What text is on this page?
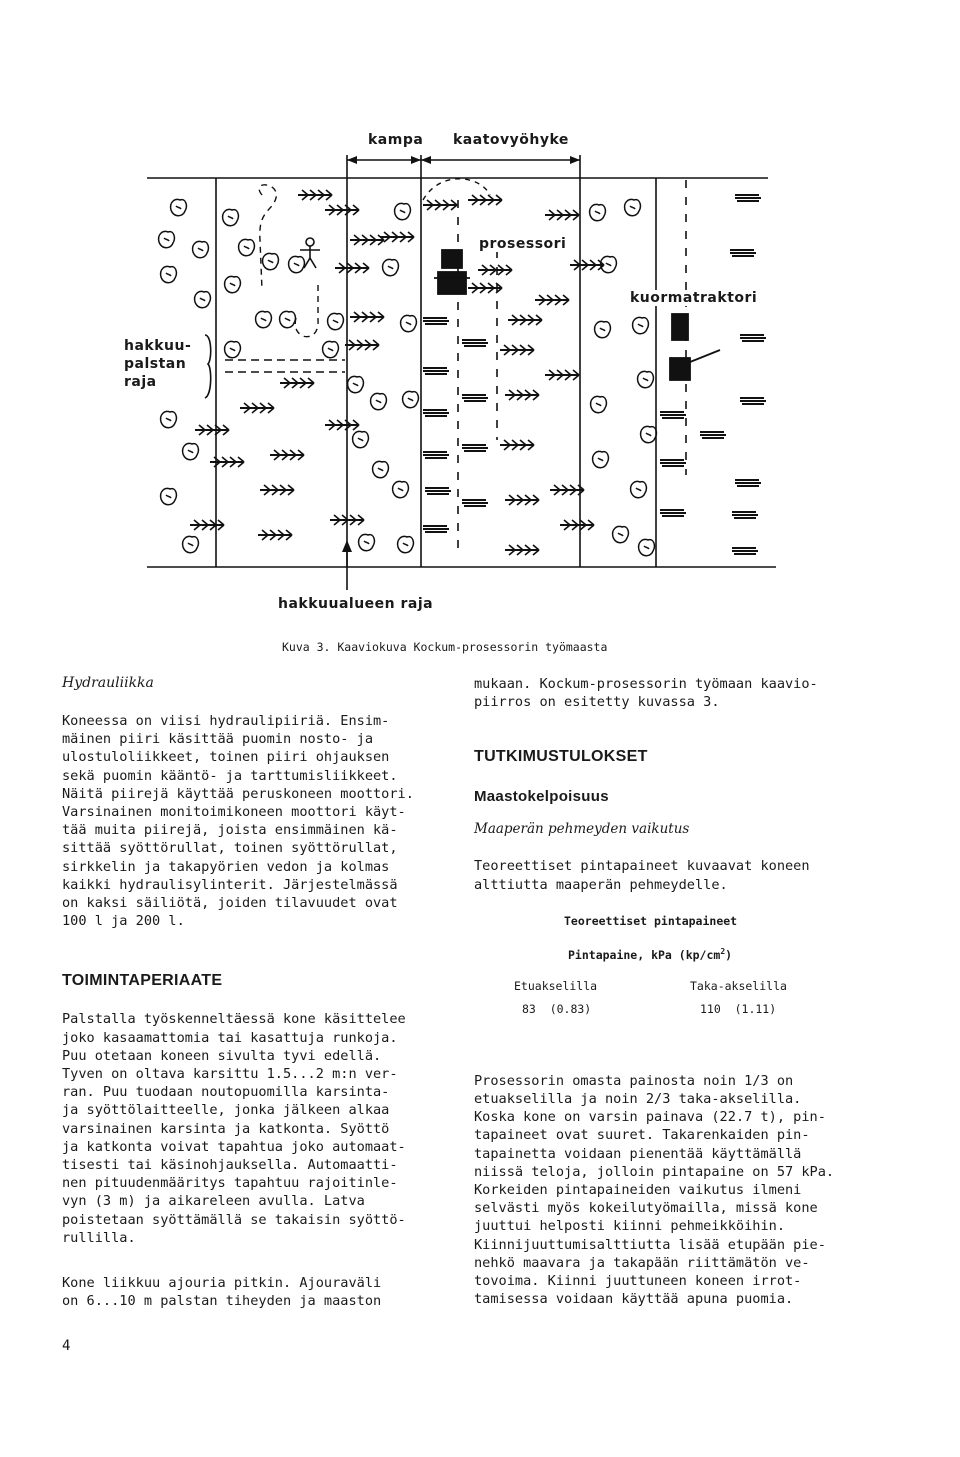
kampa kaatovyöhyke
prosessori
kuormatraktori
hakkuu-
palstan
raja
hakkuualueen raja
Kuva 3. Kaaviokuva Kockum-prosessorin työmaasta
Hydrauliikka
Koneessa on viisi hydraulipiiriä. Ensim-
mäinen piiri käsittää puomin nosto- ja
ulostuloliikkeet, toinen piiri ohjauksen
sekä puomin kääntö- ja tarttumisliikkeet.
Näitä piirejä käyttää peruskoneen moottori.
Varsinainen monitoimikoneen moottori käyt-
tää muita piirejä, joista ensimmäinen kä-
sittää syöttörullat, toinen syöttörullat,
sirkkelin ja takapyörien vedon ja kolmas
kaikki hydraulisylinterit. Järjestelmässä
on kaksi säiliötä, joiden tilavuudet ovat
100 l ja 200 l.
TOIMINTAPERIAATE
Palstalla työskenneltäessä kone käsittelee
joko kasaamattomia tai kasattuja runkoja.
Puu otetaan koneen sivulta tyvi edellä.
Tyven on oltava karsittu 1.5...2 m:n ver-
ran. Puu tuodaan noutopuomilla karsinta-
ja syöttölaitteelle, jonka jälkeen alkaa
varsinainen karsinta ja katkonta. Syöttö
ja katkonta voivat tapahtua joko automaat-
tisesti tai käsinohjauksella. Automaatti-
nen pituudenmääritys tapahtuu rajoitinle-
vyn (3 m) ja aikareleen avulla. Latva
poistetaan syöttämällä se takaisin syöttö-
rullilla.
Kone liikkuu ajouria pitkin. Ajouraväli
on 6...10 m palstan tiheyden ja maaston
mukaan. Kockum-prosessorin työmaan kaavio-
piirros on esitetty kuvassa 3.
TUTKIMUSTULOKSET
Maastokelpoisuus
Maaperän pehmeyden vaikutus
Teoreettiset pintapaineet kuvaavat koneen
alttiutta maaperän pehmeydelle.
Teoreettiset pintapaineet
Pintapaine, kPa $(kp/cm^2)$
Etuakselilla	Taka-akselilla
83  (0.83)	110  (1.11)
Prosessorin omasta painosta noin 1/3 on
etuakselilla ja noin 2/3 taka-akselilla.
Koska kone on varsin painava (22.7 t), pin-
tapaineet ovat suuret. Takarenkaiden pin-
tapainetta voidaan pienentää käyttämällä
niissä teloja, jolloin pintapaine on 57 kPa.
Korkeiden pintapaineiden vaikutus ilmeni
selvästi myös kokeilutyömailla, missä kone
juuttui helposti kiinni pehmeikköihin.
Kiinnijuuttumisalttiutta lisää etupään pie-
nehkö maavara ja takapään riittämätön ve-
tovoima. Kiinni juuttuneen koneen irrot-
tamisessa voidaan käyttää apuna puomia.
4
